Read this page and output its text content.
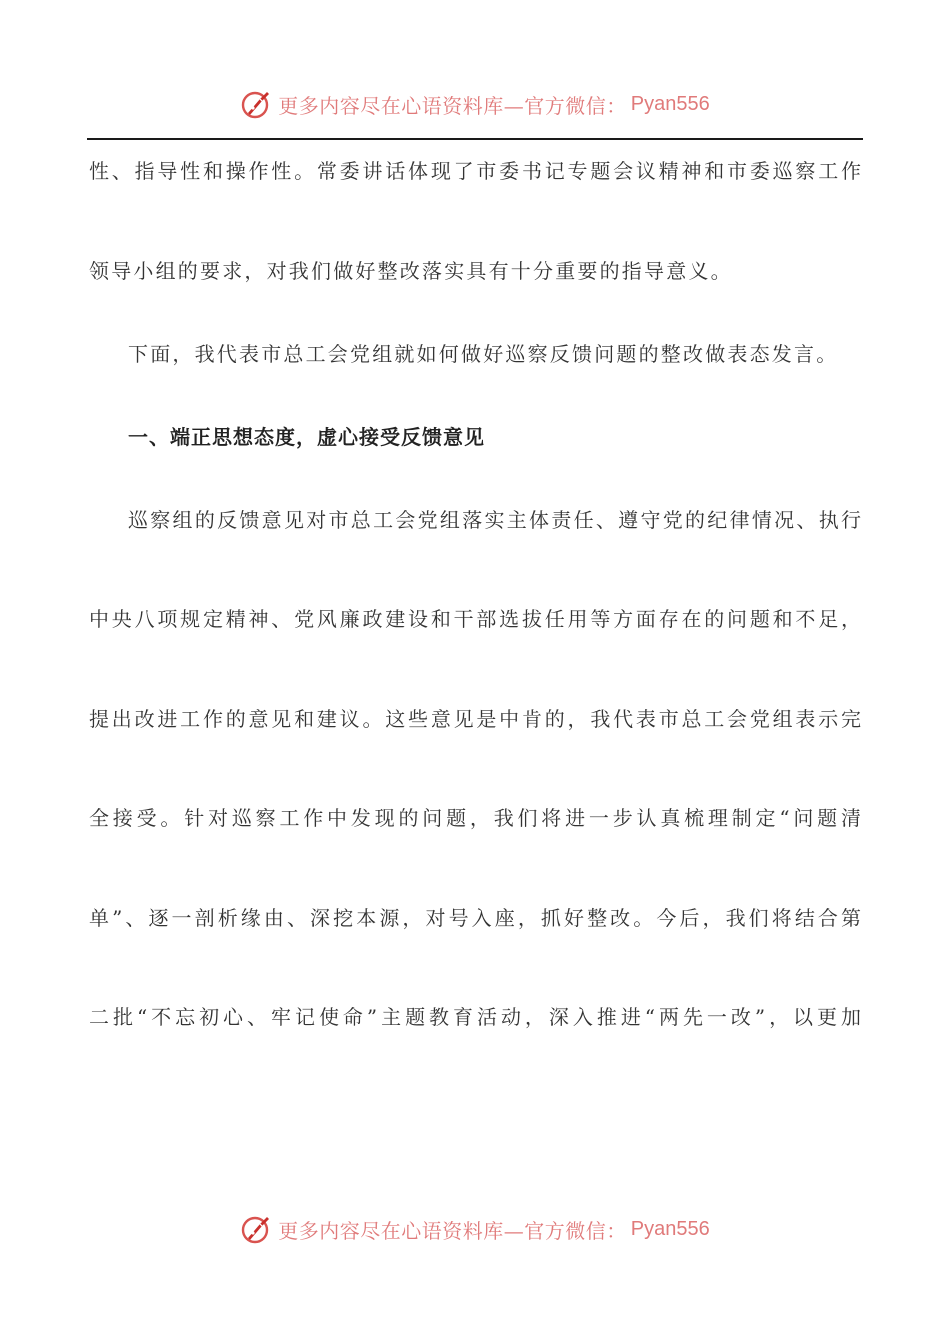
更多内容尽在心语资料库—官方微信： Pyan556
性、指导性和操作性。常委讲话体现了市委书记专题会议精神和市委巡察工作
领导小组的要求，对我们做好整改落实具有十分重要的指导意义。
下面，我代表市总工会党组就如何做好巡察反馈问题的整改做表态发言。
一、端正思想态度，虚心接受反馈意见
巡察组的反馈意见对市总工会党组落实主体责任、遵守党的纪律情况、执行
中央八项规定精神、党风廉政建设和干部选拔任用等方面存在的问题和不足，
提出改进工作的意见和建议。这些意见是中肯的，我代表市总工会党组表示完
全接受。针对巡察工作中发现的问题，我们将进一步认真梳理制定“问题清
单”、逐一剖析缘由、深挖本源，对号入座，抓好整改。今后，我们将结合第
二批“不忘初心、牢记使命”主题教育活动，深入推进“两先一改”，以更加
更多内容尽在心语资料库—官方微信： Pyan556
